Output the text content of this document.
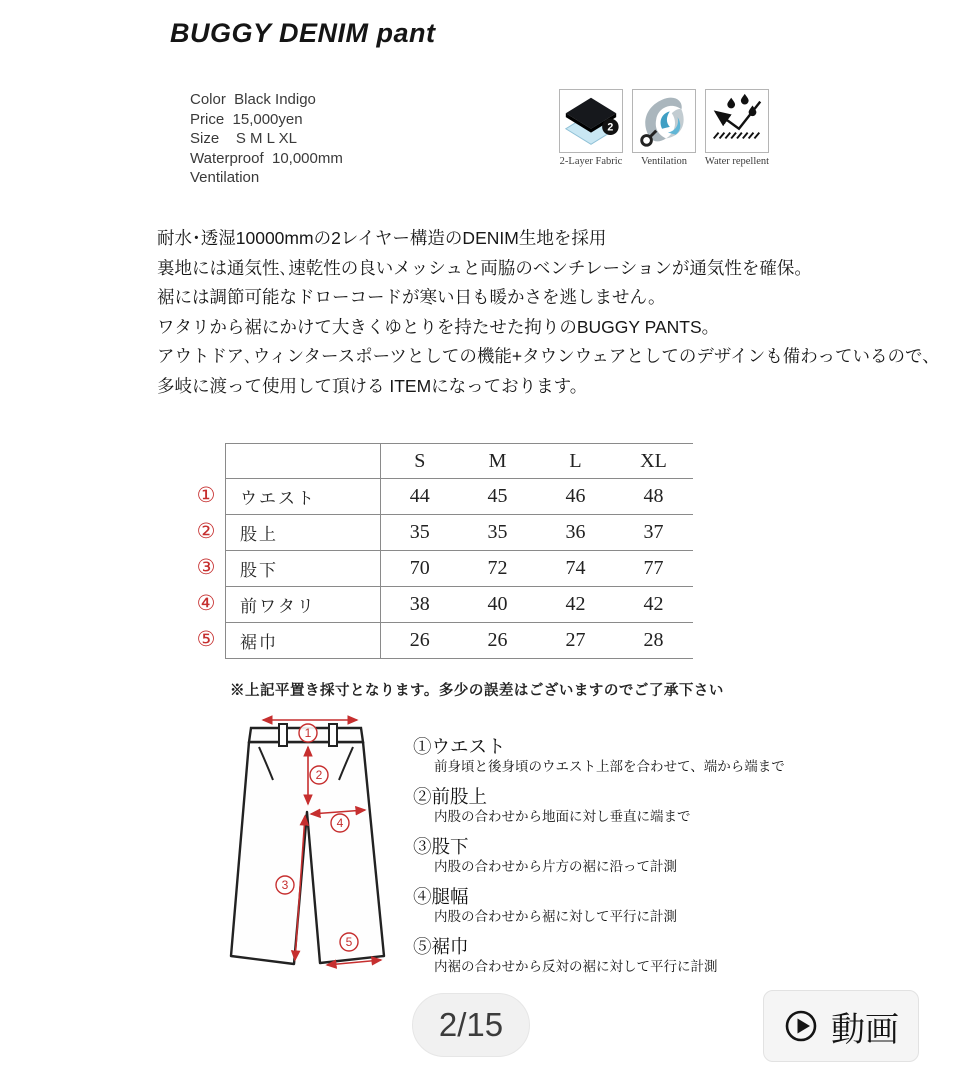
BUGGY DENIM pant
Color  Black Indigo
Price  15,000yen
Size    S M L XL
Waterproof  10,000mm
Ventilation
2
2-Layer Fabric Ventilation Water repellent
耐水･透湿10000mmの2レイヤー構造のDENIM生地を採用
裏地には通気性､速乾性の良いメッシュと両脇のベンチレーションが通気性を確保。
裾には調節可能なドローコードが寒い日も暖かさを逃しません。
ワタリから裾にかけて大きくゆとりを持たせた拘りのBUGGY PANTS。
アウトドア､ウィンタースポーツとしての機能+タウンウェアとしてのデザインも備わっているので、
多岐に渡って使用して頂ける ITEMになっております。
①
②
③
④
⑤
	S	M	L	XL
ウエスト	44	45	46	48
股上	35	35	36	37
股下	70	72	74	77
前ワタリ	38	40	42	42
裾巾	26	26	27	28
※上記平置き採寸となります。多少の誤差はございますのでご了承下さい
1
2
3
4
5
①ウエスト
前身頃と後身頃のウエスト上部を合わせて、端から端まで
②前股上
内股の合わせから地面に対し垂直に端まで
③股下
内股の合わせから片方の裾に沿って計測
④腿幅
内股の合わせから裾に対して平行に計測
⑤裾巾
内裾の合わせから反対の裾に対して平行に計測
2/15	動画
